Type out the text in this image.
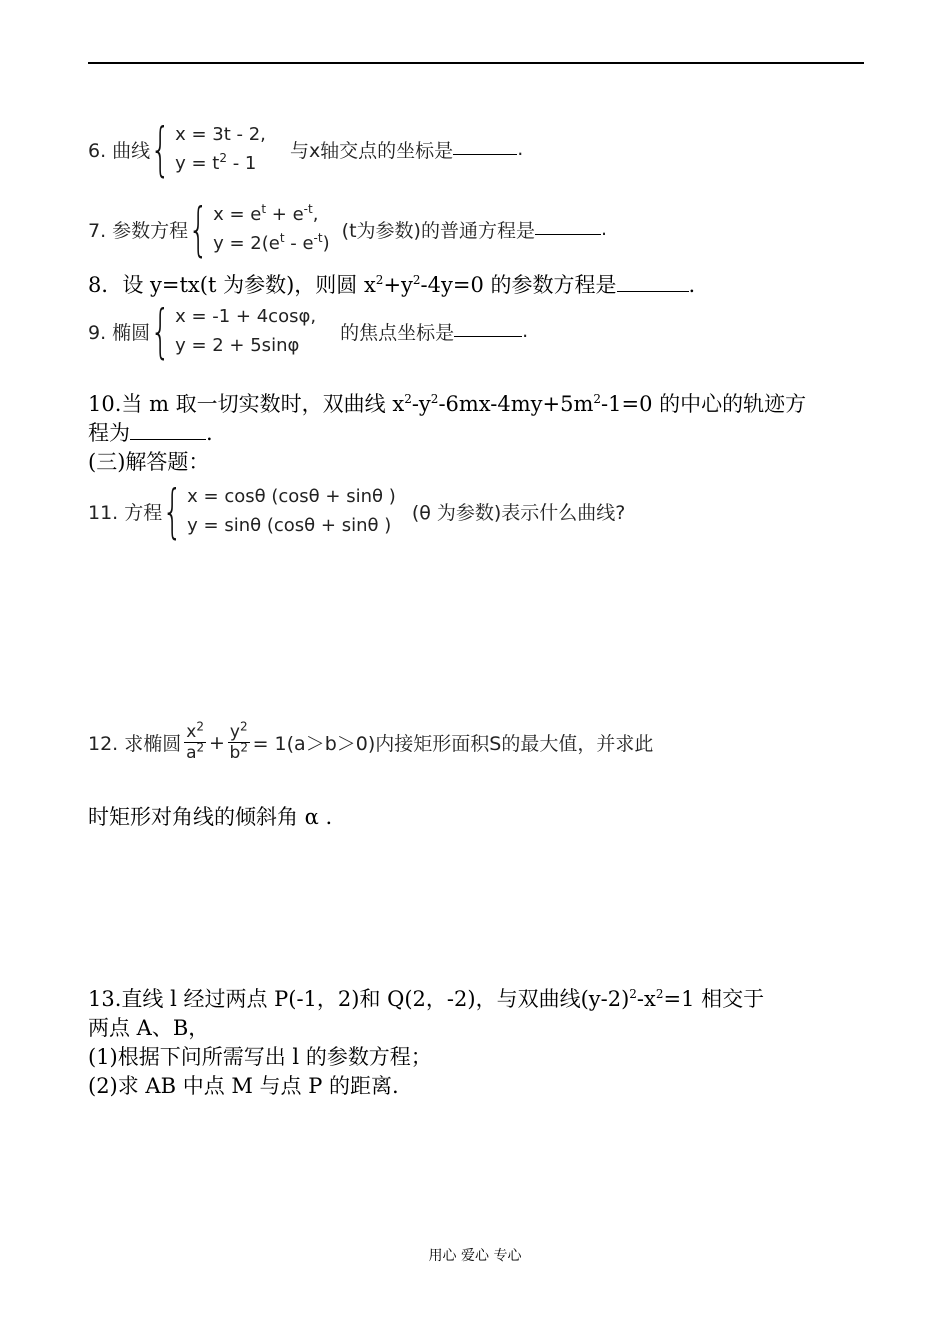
6. 曲线{ x = 3t - 2,
$y = t^2 - 1$
与x轴交点的坐标是	.
7. 参数方程{ $x = e^t + e^{-t}$,
$y = 2(e^t - e^{-t})$
(t为参数)的普通方程是	.
8．设 y=tx(t 为参数)，则圆 $x^2+y^2-4y=0$ 的参数方程是	.
9. 椭圆{ x = -1 + 4cosφ,
y = 2 + 5sinφ
的焦点坐标是	.
10.当 m 取一切实数时，双曲线 $x^2-y^2-6mx-4my+5m^2-1=0$ 的中心的轨迹方
程为	.
(三)解答题：
11. 方程{ x = cosθ (cosθ + sinθ )
y = sinθ (cosθ + sinθ )
(θ 为参数)表示什么曲线?
12. 求椭圆 $\frac{x^2}{a^2} + \frac{y^2}{b^2} = 1(a>b>0)$内接矩形面积S的最大值，并求此
时矩形对角线的倾斜角 α .
13.直线 l 经过两点 P(-1，2)和 Q(2，-2)，与双曲线$(y-2)^2-x^2=1$ 相交于
两点 A、B，
(1)根据下问所需写出 l 的参数方程；
(2)求 AB 中点 M 与点 P 的距离.
用心 爱心 专心
